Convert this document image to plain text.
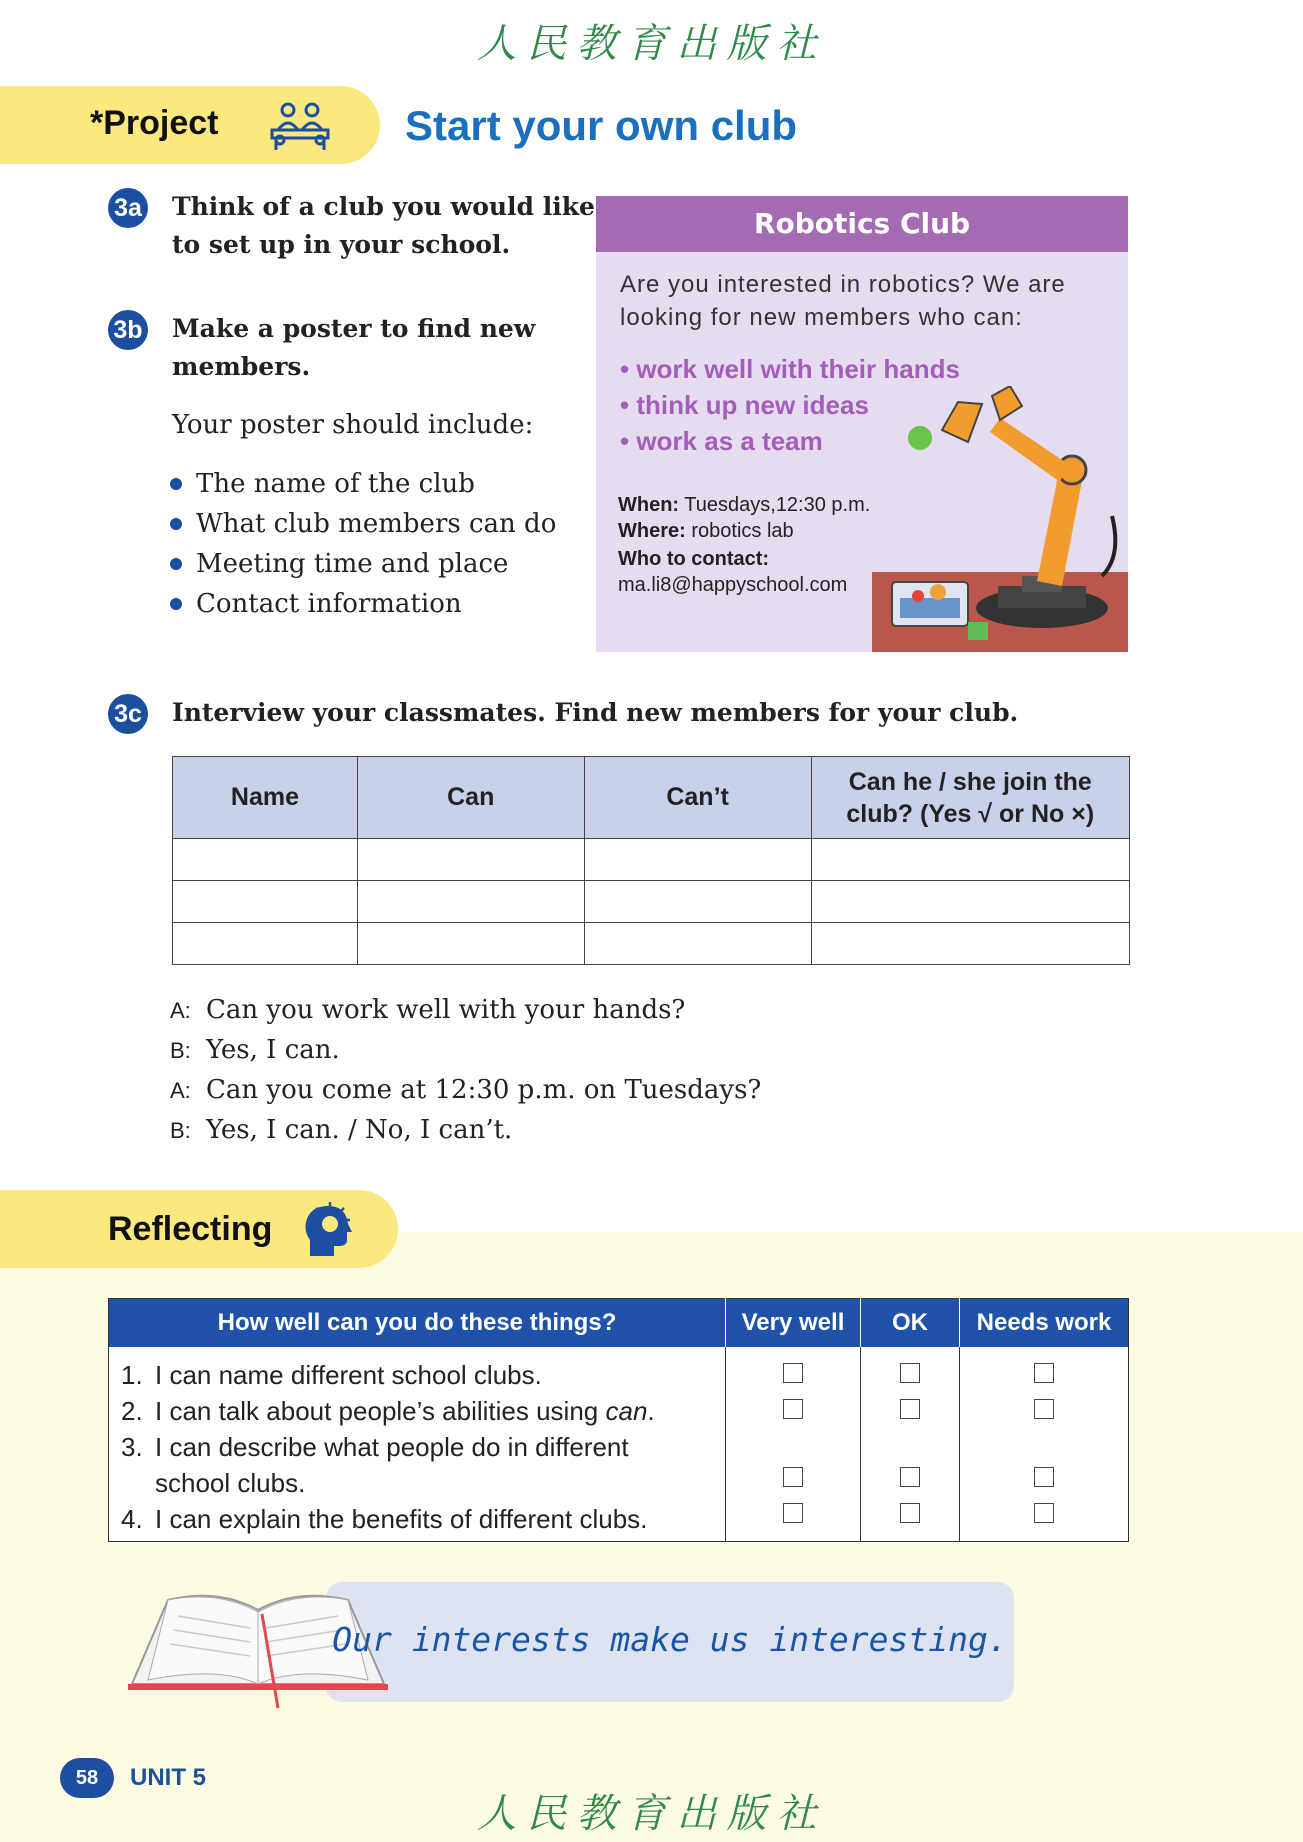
人民教育出版社
*Project	Start your own club
3a Think of a club you would like
to set up in your school.
3b Make a poster to find new
members.
Your poster should include:
The name of the club
What club members can do
Meeting time and place
Contact information
Robotics Club
Are you interested in robotics? We are looking for new members who can:
• work well with their hands
• think up new ideas
• work as a team
When: Tuesdays,12:30 p.m.
Where: robotics lab
Who to contact:
ma.li8@happyschool.com
3c Interview your classmates. Find new members for your club.
Name	Can	Can’t	Can he / she join the
club? (Yes √ or No ×)

A: Can you work well with your hands?
B: Yes, I can.
A: Can you come at 12:30 p.m. on Tuesdays?
B: Yes, I can. / No, I can’t.
Reflecting
How well can you do these things?	Very well	OK	Needs work

1. I can name different school clubs.
2. I can talk about people’s abilities using can.
3. I can describe what people do in different
school clubs.
4. I can explain the benefits of different clubs.			

Our interests make us interesting.
58	UNIT 5
人民教育出版社
